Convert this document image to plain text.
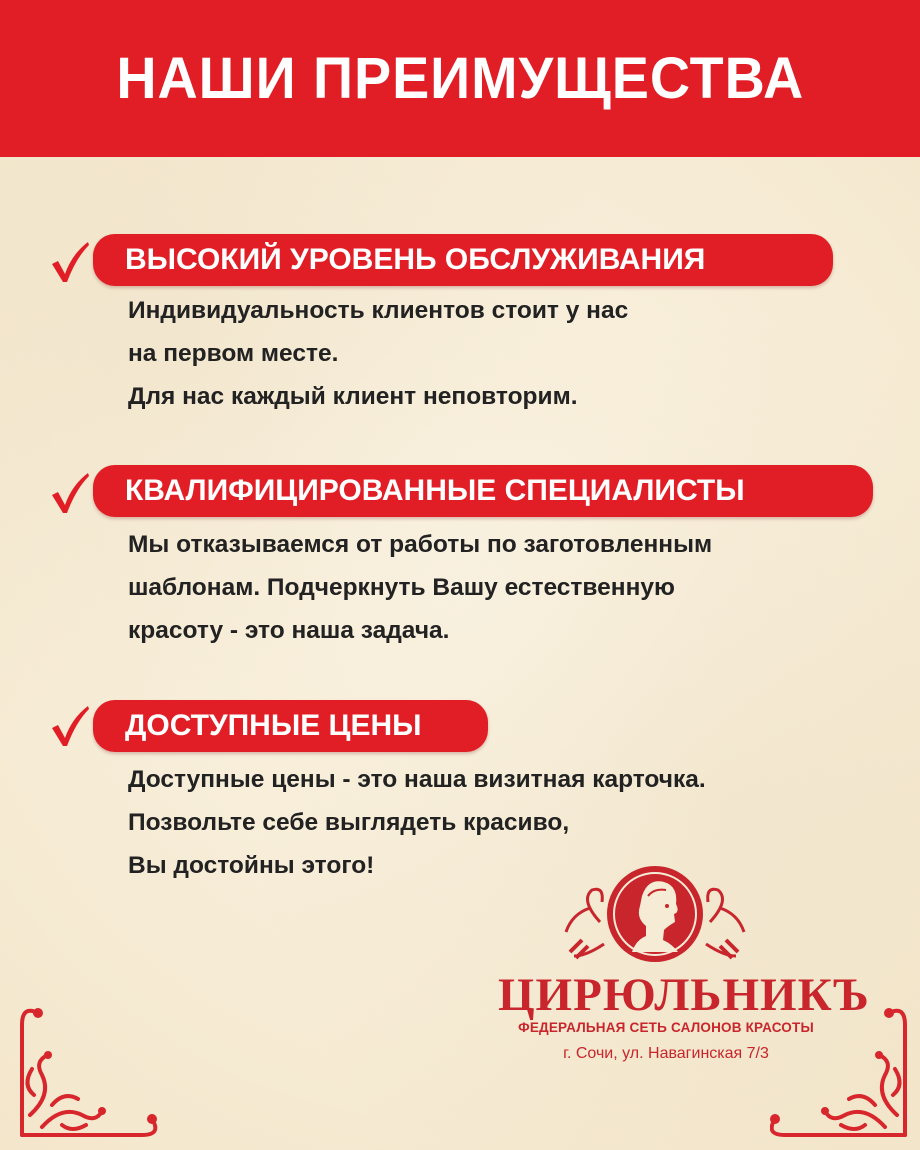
НАШИ ПРЕИМУЩЕСТВА
ВЫСОКИЙ УРОВЕНЬ ОБСЛУЖИВАНИЯ
Индивидуальность клиентов стоит у нас
на первом месте.
Для нас каждый клиент неповторим.
КВАЛИФИЦИРОВАННЫЕ СПЕЦИАЛИСТЫ
Мы отказываемся от работы по заготовленным
шаблонам. Подчеркнуть Вашу естественную
красоту - это наша задача.
ДОСТУПНЫЕ ЦЕНЫ
Доступные цены - это наша визитная карточка.
Позвольте себе выглядеть красиво,
Вы достойны этого!
ЦИРЮЛЬНИКЪ
ФЕДЕРАЛЬНАЯ СЕТЬ САЛОНОВ КРАСОТЫ
г. Сочи, ул. Навагинская 7/3
